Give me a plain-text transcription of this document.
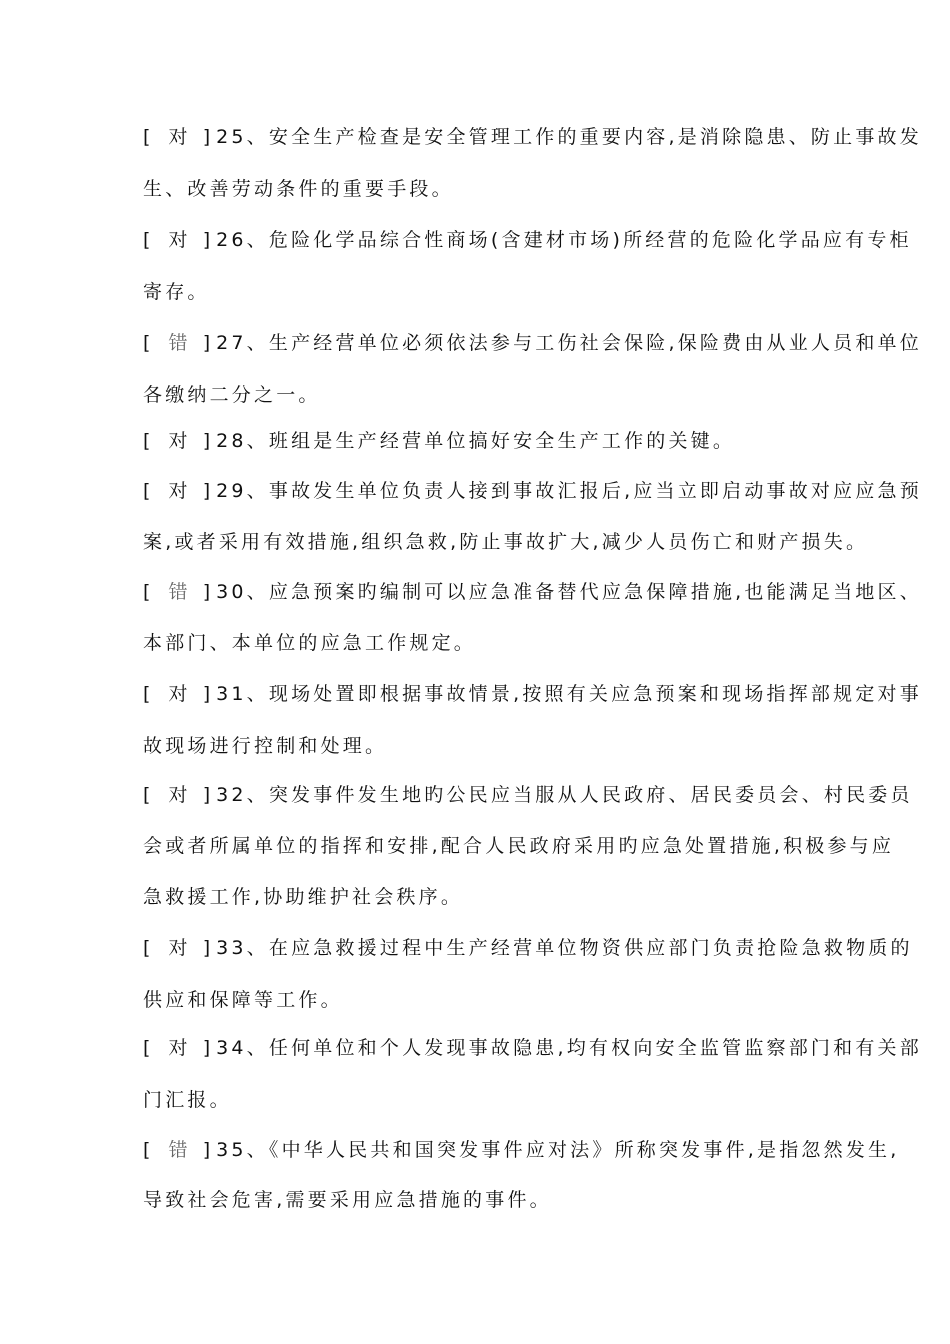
[ 对 ]25、安全生产检查是安全管理工作的重要内容,是消除隐患、防止事故发
生、改善劳动条件的重要手段。
[ 对 ]26、危险化学品综合性商场(含建材市场)所经营的危险化学品应有专柜
寄存。
[ 错 ]27、生产经营单位必须依法参与工伤社会保险,保险费由从业人员和单位
各缴纳二分之一。
[ 对 ]28、班组是生产经营单位搞好安全生产工作的关键。
[ 对 ]29、事故发生单位负责人接到事故汇报后,应当立即启动事故对应应急预
案,或者采用有效措施,组织急救,防止事故扩大,减少人员伤亡和财产损失。
[ 错 ]30、应急预案旳编制可以应急准备替代应急保障措施,也能满足当地区、
本部门、本单位的应急工作规定。
[ 对 ]31、现场处置即根据事故情景,按照有关应急预案和现场指挥部规定对事
故现场进行控制和处理。
[ 对 ]32、突发事件发生地旳公民应当服从人民政府、居民委员会、村民委员
会或者所属单位的指挥和安排,配合人民政府采用旳应急处置措施,积极参与应
急救援工作,协助维护社会秩序。
[ 对 ]33、在应急救援过程中生产经营单位物资供应部门负责抢险急救物质的
供应和保障等工作。
[ 对 ]34、任何单位和个人发现事故隐患,均有权向安全监管监察部门和有关部
门汇报。
[ 错 ]35、《中华人民共和国突发事件应对法》所称突发事件,是指忽然发生,
导致社会危害,需要采用应急措施的事件。
